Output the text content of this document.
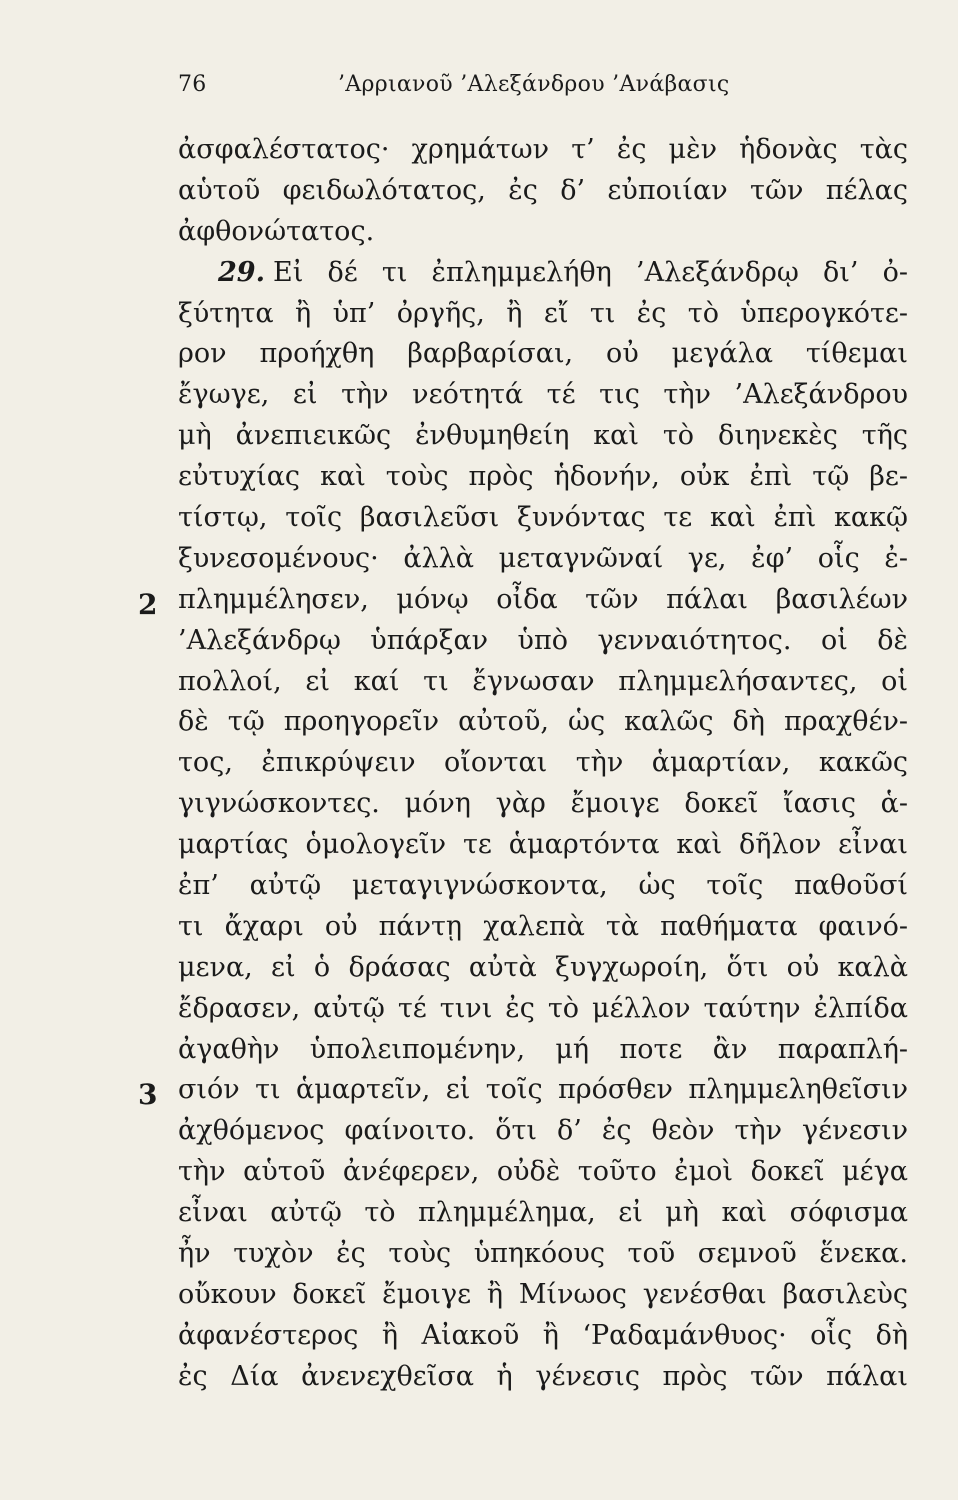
76	’Αρριανοῦ ’Αλεξάνδρου ’Ανάβασις
2
3
ἀσφαλέστατος· χρημάτων τ’ ἐς μὲν ἡδονὰς τὰς
αὑτοῦ φειδωλότατος, ἐς δ’ εὐποιίαν τῶν πέλας
ἀφθονώτατος.
29. Εἰ δέ τι ἐπλημμελήθη ’Αλεξάνδρῳ δι’ ὀ-
ξύτητα ἢ ὑπ’ ὀργῆς, ἢ εἴ τι ἐς τὸ ὑπερογκότε-
ρον προήχθη βαρβαρίσαι, οὐ μεγάλα τίθεμαι
ἔγωγε, εἰ τὴν νεότητά τέ τις τὴν ’Αλεξάνδρου
μὴ ἀνεπιεικῶς ἐνθυμηθείη καὶ τὸ διηνεκὲς τῆς
εὐτυχίας καὶ τοὺς πρὸς ἡδονήν, οὐκ ἐπὶ τῷ βε-
τίστῳ, τοῖς βασιλεῦσι ξυνόντας τε καὶ ἐπὶ κακῷ
ξυνεσομένους· ἀλλὰ μεταγνῶναί γε, ἐφ’ οἷς ἐ-
πλημμέλησεν, μόνῳ οἶδα τῶν πάλαι βασιλέων
’Αλεξάνδρῳ ὑπάρξαν ὑπὸ γενναιότητος. οἱ δὲ
πολλοί, εἰ καί τι ἔγνωσαν πλημμελήσαντες, οἱ
δὲ τῷ προηγορεῖν αὐτοῦ, ὡς καλῶς δὴ πραχθέν-
τος, ἐπικρύψειν οἴονται τὴν ἁμαρτίαν, κακῶς
γιγνώσκοντες. μόνη γὰρ ἔμοιγε δοκεῖ ἴασις ἁ-
μαρτίας ὁμολογεῖν τε ἁμαρτόντα καὶ δῆλον εἶναι
ἐπ’ αὐτῷ μεταγιγνώσκοντα, ὡς τοῖς παθοῦσί
τι ἄχαρι οὐ πάντῃ χαλεπὰ τὰ παθήματα φαινό-
μενα, εἰ ὁ δράσας αὐτὰ ξυγχωροίη, ὅτι οὐ καλὰ
ἔδρασεν, αὐτῷ τέ τινι ἐς τὸ μέλλον ταύτην ἐλπίδα
ἀγαθὴν ὑπολειπομένην, μή ποτε ἂν παραπλή-
σιόν τι ἁμαρτεῖν, εἰ τοῖς πρόσθεν πλημμεληθεῖσιν
ἀχθόμενος φαίνοιτο. ὅτι δ’ ἐς θεὸν τὴν γένεσιν
τὴν αὑτοῦ ἀνέφερεν, οὐδὲ τοῦτο ἐμοὶ δοκεῖ μέγα
εἶναι αὐτῷ τὸ πλημμέλημα, εἰ μὴ καὶ σόφισμα
ἦν τυχὸν ἐς τοὺς ὑπηκόους τοῦ σεμνοῦ ἕνεκα.
οὔκουν δοκεῖ ἔμοιγε ἢ Μίνωος γενέσθαι βασιλεὺς
ἀφανέστερος ἢ Αἰακοῦ ἢ ‘Ραδαμάνθυος· οἷς δὴ
ἐς Δία ἀνενεχθεῖσα ἡ γένεσις πρὸς τῶν πάλαι
